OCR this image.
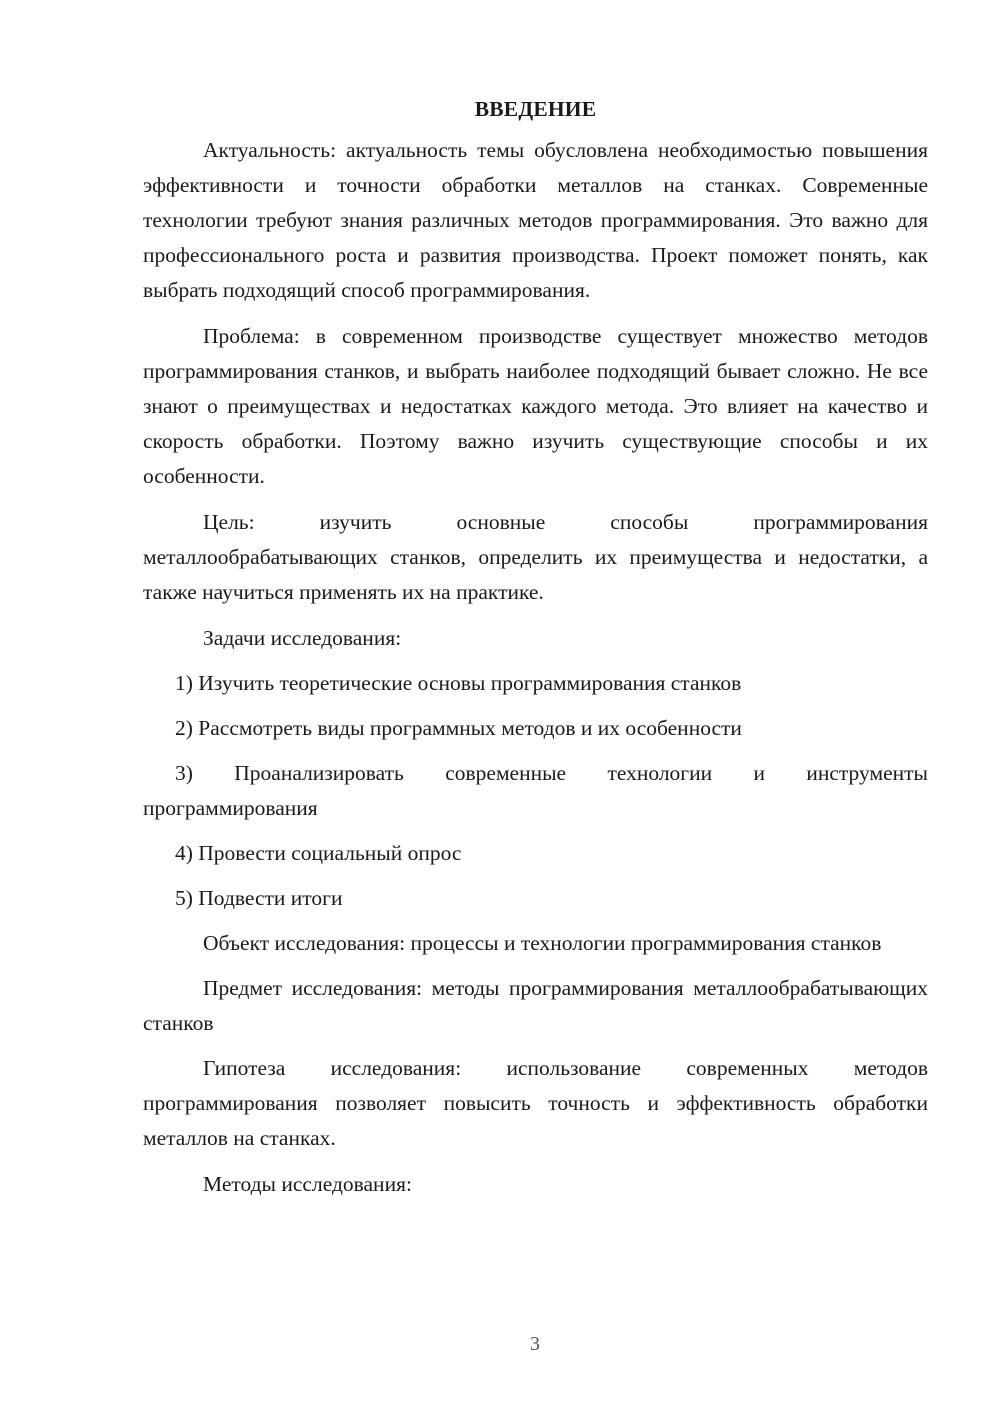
ВВЕДЕНИЕ

Актуальность: актуальность темы обусловлена необходимостью повышения эффективности и точности обработки металлов на станках. Современные технологии требуют знания различных методов программирования. Это важно для профессионального роста и развития производства. Проект поможет понять, как выбрать подходящий способ программирования.

Проблема: в современном производстве существует множество методов программирования станков, и выбрать наиболее подходящий бывает сложно. Не все знают о преимуществах и недостатках каждого метода. Это влияет на качество и скорость обработки. Поэтому важно изучить существующие способы и их особенности.

Цель: изучить основные способы программирования металлообрабатывающих станков, определить их преимущества и недостатки, а также научиться применять их на практике.

Задачи исследования:

1) Изучить теоретические основы программирования станков

2) Рассмотреть виды программных методов и их особенности

3) Проанализировать современные технологии и инструменты программирования

4) Провести социальный опрос

5) Подвести итоги

Объект исследования: процессы и технологии программирования станков

Предмет исследования: методы программирования металлообрабатывающих станков

Гипотеза исследования: использование современных методов программирования позволяет повысить точность и эффективность обработки металлов на станках.

Методы исследования:

3
